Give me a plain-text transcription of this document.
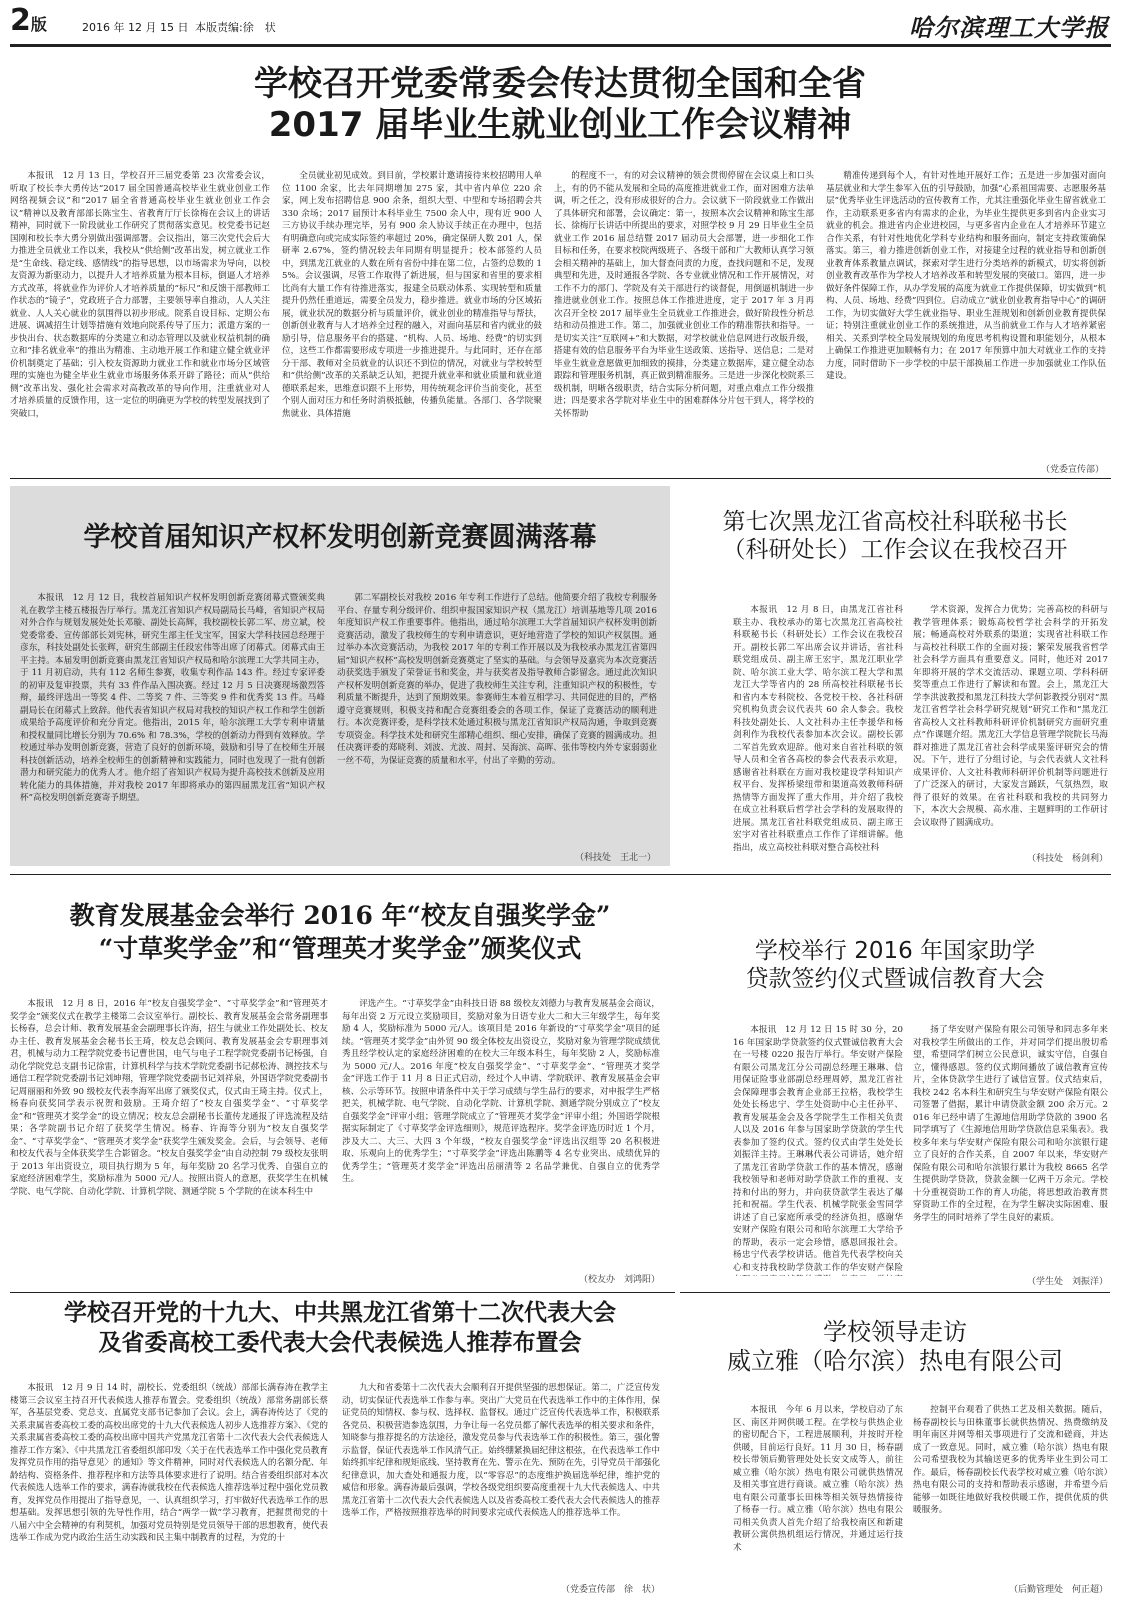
2版	2016 年 12 月 15 日 本版责编:徐　状	哈尔滨理工大学报
学校召开党委常委会传达贯彻全国和全省
2017 届毕业生就业创业工作会议精神

本报讯　12 月 13 日，学校召开三届党委第 23 次常委会议，听取了校长李大勇传达“2017 届全国普通高校毕业生就业创业工作网络视频会议”和“2017 届全省普通高校毕业生就业创业工作会议”精神以及教育部部长陈宝生、省教育厅厅长徐梅在会议上的讲话精神，同时就下一阶段就业工作研究了贯彻落实意见。校党委书记赵国刚和校长李大勇分别做出强调部署。会议指出，第三次党代会后大力推进全员就业工作以来，我校从“供给侧”改革出发，树立就业工作是“生命线、稳定线、感情线”的指导思想，以市场需求为导向，以校友资源为新驱动力，以提升人才培养质量为根本目标，倒逼人才培养方式改革，将就业作为评价人才培养质量的“标尺”和反馈干部教师工作状态的“镜子”，党政班子合力部署，主要领导率自推动，人人关注就业、人人关心就业的氛围得以初步形成。院系自设目标、定期公布进展、调减招生计划等措施有效地向院系传导了压力；派遣方案的一步快出台、状态数据库的分类建立和动态管理以及就业权益机制的确立和“排名就业率”的推出为精准、主动地开展工作和建立健全就业评价机制奠定了基础；引入校友资源助力就业工作和就业市场分区域管理的实施也为健全毕业生就业市场服务体系开辟了路径；而从“供给侧”改革出发、强化社会需求对高教改革的导向作用，注重就业对人才培养质量的反馈作用，这一定位的明确更为学校的转型发展找到了突破口，

全员就业初见成效。到目前，学校累计邀请接待来校招聘用人单位 1100 余家，比去年同期增加 275 家，其中省内单位 220 余家，网上发布招聘信息 900 余条，组织大型、中型和专场招聘会共 330 余场；2017 届预计本科毕业生 7500 余人中，现有近 900 人三方协议手续办理完毕，另有 900 余人协议手续正在办理中，包括有明确意向或完成实际签约率超过 20%，确定保研人数 201 人，保研率 2.67%，签约情况较去年同期有明显提升；校本部签约人员中，到黑龙江就业的人数在所有省份中排在第二位，占签约总数的 15%。会议强调，尽管工作取得了新进展，但与国家和省里的要求相比尚有大量工作有待推进落实，报建全员联动体系、实现转型和质量提升仍然任重道远，需要全员发力，稳步推进。就业市场的分区域拓展，就业状况的数据分析与质量评价，就业创业的精准指导与帮扶，创新创业教育与人才培养全过程的融入，对面向基层和省内就业的鼓励引导，信息服务平台的搭建、“机构、人员、场地、经费”的切实到位，这些工作都需要形成专项进一步推进提升。与此同时，还存在部分干部、教师对全员就业的认识还不到位的情况，对就业与学校转型和“供给侧”改革的关系缺乏认知，把提升就业率和就业质量和就业道德联系起来，思维意识跟不上形势，用传统观念评价当前变化，甚至个别人面对压力和任务时消极抵触，传播负能量。各部门、各学院聚焦就业、具体措施

的程度不一，有的对会议精神的领会贯彻停留在会议桌上和口头上，有的仍不能从发展和全局的高度推进就业工作，面对困难方法单调，听之任之，没有形成很好的合力。会议就下一阶段就业工作做出了具体研究和部署，会议确定：第一，按照本次会议精神和陈宝生部长、徐梅厅长讲话中所提出的要求，对照学校 9 月 29 日毕业生全员就业工作 2016 届总结暨 2017 届动员大会部署，进一步细化工作目标和任务，在要求校院两级班子、各级干部和广大教师认真学习领会相关精神的基础上，加大督查问责的力度，查找问题和不足，发现典型和先进，及时通报各学院、各专业就业情况和工作开展情况，对工作不力的部门、学院及有关干部进行约谈督促，用倒逼机制进一步推进就业创业工作。按照总体工作推进进度，定于 2017 年 3 月再次召开全校 2017 届毕业生全员就业工作推进会，做好阶段性分析总结和动员推进工作。第二，加强就业创业工作的精准帮扶和指导。一是切实关注“互联网+”和大数据，对学校就业信息网进行改版升级，搭建有效的信息服务平台为毕业生送政策、送指导、送信息；二是对毕业生就业意愿做更加细致的摸排，分类建立数据库，建立健全动态跟踪和管理服务机制，真正做到精准服务。三是进一步深化校院系三级机制，明晰各级职责，结合实际分析问题，对重点难点工作分级推进；四是要求各学院对毕业生中的困难群体分片包干到人，将学校的关怀帮助

精准传递到每个人，有针对性地开展好工作；五是进一步加强对面向基层就业和大学生参军入伍的引导鼓励，加强“心系祖国需要、志愿服务基层”优秀毕业生评选活动的宣传教育工作，尤其注重强化毕业生留省就业工作，主动联系更多省内有需求的企业，为毕业生提供更多到省内企业实习就业的机会。推进省内企业进校园，与更多省内企业在人才培养环节建立合作关系，有针对性地优化学科专业结构和服务面向，制定支持政策确保落实。第三，着力推进创新创业工作，对接建全过程的就业指导和创新创业教育体系教量点调试，探索对学生进行分类培养的新模式，切实将创新创业教育改革作为学校人才培养改革和转型发展的突破口。第四，进一步做好条件保障工作，从办学发展的高度为就业工作提供保障，切实做到“机构、人员、场地、经费”四到位。启动成立“就业创业教育指导中心”的调研工作，为切实做好大学生就业指导、职业生涯规划和创新创业教育提供保证；特别注重就业创业工作的系统推进，从当前就业工作与人才培养紧密相关、关系到学校全局发展规划的角度思考机构设置和职能划分，从根本上确保工作推进更加顺畅有力；在 2017 年预算中加大对就业工作的支持力度，同时借助下一步学校的中层干部换届工作进一步加强就业工作队伍建设。

（党委宣传部）
学校首届知识产权杯发明创新竞赛圆满落幕

本报讯　12 月 12 日，我校首届知识产权杯发明创新竞赛闭幕式暨颁奖典礼在教学主楼五楼报告厅举行。黑龙江省知识产权局副局长马峰，省知识产权局对外合作与规划发展处处长邓璇、副处长高辉，我校副校长郭二军、房立斌，校党委常委、宣传部部长刘宪林，研究生部主任戈宝军，国家大学科技园总经理于彦东，科技处副处长张辉，研究生部副主任段宏伟等出席了闭幕式。闭幕式由王平主持。本届发明创新竞赛由黑龙江省知识产权局和哈尔滨理工大学共同主办，于 11 月初启动，共有 112 名师生参赛，收集专利作品 143 件。经过专家评委的初审及复审投票，共有 33 件作品入围决赛。经过 12 月 5 日决赛现场激烈答辩，最终评选出一等奖 4 件、二等奖 7 件、三等奖 9 件和优秀奖 13 件。马峰副局长在闭幕式上致辞。他代表省知识产权局对我校的知识产权工作和学生创新成果给予高度评价和充分肯定。他指出，2015 年，哈尔滨理工大学专利申请量和授权量同比增长分别为 70.6% 和 78.3%，学校的创新动力得到有效释放。学校通过举办发明创新竞赛，营造了良好的创新环境，鼓励和引导了在校师生开展科技创新活动，培养全校师生的创新精神和实践能力，同时也发现了一批有创新潜力和研究能力的优秀人才。他介绍了省知识产权局为提升高校技术创新及应用转化能力的具体措施，并对我校 2017 年即将承办的第四届黑龙江省“知识产权杯”高校发明创新竞赛寄予期望。

郭二军副校长对我校 2016 年专利工作进行了总结。他简要介绍了我校专利服务平台、存量专利分级评价、组织申报国家知识产权（黑龙江）培训基地等几项 2016 年度知识产权工作重要事件。他指出，通过哈尔滨理工大学首届知识产权杯发明创新竞赛活动，激发了我校师生的专利申请意识，更好地营造了学校的知识产权氛围。通过举办本次竞赛活动，为我校 2017 年的专利工作开展以及为我校承办黑龙江省第四届“知识产权杯”高校发明创新竞赛奠定了坚实的基础。与会领导及嘉宾为本次竞赛活动获奖选手颁发了荣誉证书和奖金，并与获奖者及指导教师合影留念。通过此次知识产权杯发明创新竞赛的举办，促进了我校师生关注专利，注重知识产权的积极性，专利质量不断提升，达到了预期效果。参赛师生本着互相学习、共同促进的目的，严格遵守竞赛规则，积极支持和配合竞赛组委会的各项工作，保证了竞赛活动的顺利进行。本次竞赛评委，是科学技术处通过积极与黑龙江省知识产权局沟通，争取到竞赛专项资金。科学技术处和研究生部精心组织、细心安排，确保了竞赛的圆满成功。担任决赛评委的郑晓利、刘波、尤波、周封、吴海滨、高晖、张伟等校内外专家弱弱业一丝不苟，为保证竞赛的质量和水平，付出了辛勤的劳动。

（科技处　王北一）
第七次黑龙江省高校社科联秘书长
（科研处长）工作会议在我校召开

本报讯　12 月 8 日，由黑龙江省社科联主办、我校承办的第七次黑龙江省高校社科联秘书长（科研处长）工作会议在我校召开。副校长郭二军出席会议并讲话，省社科联党组成员、副主席王宏宇，黑龙江职业学院、哈尔滨工业大学、哈尔滨工程大学和黑龙江大学等省内的 28 所高校社科联秘书长和省内本专科院校、各党校干校、各社科研究机构负责会议代表共 60 余人参会。我校科技处副处长、人文社科办主任李援华和杨剑利作为我校代表参加本次会议。副校长郭二军首先致欢迎辞。他对来自省社科联的领导人员和全省各高校的参会代表表示欢迎，感谢省社科联在方面对我校建设学科知识产权平台、发挥桥梁纽带和渠道高效教师科研热情等方面发挥了重大作用，并介绍了我校在成立社科联后哲学社会学科的发展取得的进展。黑龙江省社科联党组成员、副主席王宏宇对省社科联重点工作作了详细讲解。他指出，成立高校社科联对整合高校社科

学术资源，发挥合力优势；完善高校的科研与教学管理体系；锻炼高校哲学社会科学的开拓发展；畅通高校对外联系的渠道；实现省社科联工作与高校社科联工作的全面对接；繁荣发展我省哲学社会科学方面具有重要意义。同时，他还对 2017 年即将开展的学术交流活动、课题立项、学科科研奖等重点工作进行了解读和布置。会上，黑龙江大学李洪波教授和黑龙江科技大学何影教授分别对“黑龙江省哲学社会科学研究规划”研究工作和“黑龙江省高校人文社科教师科研评价机制研究方面研究重点”作课题介绍。黑龙江大学信息管理学院院长马海群对推进了黑龙江省社会科学成果鉴评研究会的情况。下午，进行了分组讨论，与会代表就人文社科成果评价、人文社科教师科研评价机制等问题进行了广泛深入的研讨，大家发言踊跃，气氛热烈，取得了很好的效果。在省社科联和我校的共同努力下，本次大会规模、高水准、主题鲜明的工作研讨会议取得了圆满成功。

（科技处　杨剑利）
教育发展基金会举行 2016 年“校友自强奖学金”
“寸草奖学金”和“管理英才奖学金”颁奖仪式

本报讯　12 月 8 日，2016 年“校友自强奖学金”、“寸草奖学金”和“管理英才奖学金”颁奖仪式在教学主楼第二会议室举行。副校长、教育发展基金会常务副理事长杨春，总会计师、教育发展基金会副理事长许海，招生与就业工作处副处长、校友办主任、教育发展基金会秘书长王琦，校友总会顾问、教育发展基金会专职理事刘君，机械与动力工程学院党委书记曹世国，电气与电子工程学院党委副书记杨强，自动化学院党总支副书记徐雷，计算机科学与技术学院党委副书记郝松涛、测控技术与通信工程学院党委副书记刘坤翔，管理学院党委副书记刘祥泉，外国语学院党委副书记周丽丽和外致 90 级校友代表李海军出席了颁奖仪式，仪式由王琦主持。仪式上，杨春向获奖同学表示祝贺和鼓励。王琦介绍了“校友自强奖学金”、“寸草奖学金”和“管理英才奖学金”的设立情况；校友总会副秘书长董传龙通报了评选流程及结果；各学院副书记介绍了获奖学生情况。杨春、许海等分别为“校友自强奖学金”、“寸草奖学金”、“管理英才奖学金”获奖学生颁发奖金。会后，与会领导、老师和校友代表与全体获奖学生合影留念。“校友自强奖学金”由自动控制 79 级校友张明于 2013 年出资设立，项目执行期为 5 年，每年奖励 20 名学习优秀、自强自立的家庭经济困难学生，奖励标准为 5000 元/人。按照出资人的意愿，获奖学生在机械学院、电气学院、自动化学院、计算机学院、测通学院 5 个学院的在读本科生中

评选产生。“寸草奖学金”由科技日语 88 级校友刘德力与教育发展基金会商议，每年出资 2 万元设立奖励项目，奖励对象为日语专业大二和大三年级学生，每年奖励 4 人，奖励标准为 5000 元/人。该项目是 2016 年新设的“寸草奖学金”项目的延续。“管理英才奖学金”由外贸 90 级全体校友出资设立，奖励对象为管理学院成绩优秀且经学校认定的家庭经济困难的在校大三年级本科生，每年奖励 2 人，奖励标准为 5000 元/人。2016 年度“校友自强奖学金”、“寸草奖学金”、“管理英才奖学金”评选工作于 11 月 8 日正式启动，经过个人申请、学院联评、教育发展基金会审核、公示等环节。按照申请条件中关于学习成绩与学生品行的要求，对申报学生严格把关，机械学院、电气学院、自动化学院、计算机学院、测通学院分别成立了“校友自强奖学金”评审小组；管理学院成立了“管理英才奖学金”评审小组；外国语学院根据实际制定了《寸草奖学金评选细则》，规范评选程序。奖学金评选历时近 1 个月，涉及大二、大三、大四 3 个年级，“校友自强奖学金”评选出汉组等 20 名积极进取、乐观向上的优秀学生；“寸草奖学金”评选出陈鹏等 4 名专业突出、成绩优异的优秀学生；“管理英才奖学金”评选出岳丽清等 2 名品学兼优、自强自立的优秀学生。

（校友办　刘鸿阳）
学校举行 2016 年国家助学
贷款签约仪式暨诚信教育大会

本报讯　12 月 12 日 15 时 30 分，2016 年国家助学贷款签约仪式暨诚信教育大会在一号楼 0220 报告厅举行。华安财产保险有限公司黑龙江分公司副总经理王琳琳、信用保证险事业部副总经理周婷，黑龙江省社会保障理事会教育企业部王拉格，我校学生处处长杨忠宁、学生处资助中心主任孙平、教育发展基金会及各学院学生工作相关负责人以及 2016 年参与国家助学贷款的学生代表参加了签约仪式。签约仪式由学生处处长刘振洋主持。王琳琳代表公司讲话，她介绍了黑龙江省助学贷款工作的基本情况，感谢我校领导和老师对助学贷款工作的重视、支持和付出的努力，并向获贷款学生表达了爆托和祝福。学生代表、机械学院张金雪同学讲述了自己家庭所承受的经济负担，感谢华安财产保险有限公司和哈尔滨理工大学给予的帮助，表示一定会珍惜，感恩回报社会。杨忠宁代表学校讲话。他首先代表学校向关心和支持我校助学贷款工作的华安财产保险

扬了华安财产保险有限公司领导和同志多年来对我校学生所做出的工作，并对同学们提出殷切希望，希望同学们树立公民意识，诚实守信，自强自立，懂得感恩。签约仪式期间播放了诚信教育宣传片，全体贷款学生进行了诚信宣誓。仪式结束后，我校 242 名本科生和研究生与华安财产保险有限公司签署了借据，累计申请贷款金额 200 余万元。2016 年已经申请了生源地信用助学贷款的 3900 名同学填写了《生源地信用助学贷款信息采集表》。我校多年来与华安财产保险有限公司和哈尔滨银行建立了良好的合作关系，自 2007 年以来，华安财产保险有限公司和哈尔滨银行累计为我校 8665 名学生提供助学贷款，贷款金额一亿两千万余元。学校十分重视资助工作的育人功能，将思想政治教育贯穿资助工作的全过程，在为学生解决实际困难、服务学生的同时培养了学生良好的素质。

（学生处　刘振洋）
学校召开党的十九大、中共黑龙江省第十二次代表大会
及省委高校工委代表大会代表候选人推荐布置会

本报讯　12 月 9 日 14 时，副校长、党委组织（统战）部部长满春涛在教学主楼第三会议室主持召开代表候选人推荐布置会。党委组织（统战）部常务副部长蔡军，各基层党委、党总支、直属党支部书记参加了会议。会上，满春涛传达了《党的关系隶属省委高校工委的高校出席党的十九大代表候选人初步人选推荐方案》、《党的关系隶属省委高校工委的高校出席中国共产党黑龙江省第十二次代表大会代表候选人推荐工作方案》、《中共黑龙江省委组织部印发〈关于在代表选举工作中强化党员教育发挥党员作用的指导意见〉的通知》等文件精神，同时对代表候选人的名额分配、年龄结构、资格条件、推荐程序和方法等具体要求进行了说明。结合省委组织部对本次代表候选人选举工作的要求，满春涛就我校在代表候选人推荐选举过程中强化党员教育，发挥党员作用提出了指导意见，一、认真组织学习，打牢做好代表选举工作的思想基础。发挥思想引领的先导性作用，结合“两学一做”学习教育，把握贯彻党的十八届六中全会精神的有利契机，加强对党员特别是党员领导干部的思想教育，使代表选举工作成为党内政治生活生动实践和民主集中制教育的过程，为党的十

九大和省委第十二次代表大会顺利召开提供坚强的思想保证。第二，广泛宣传发动，切实保证代表选举工作参与率。突出广大党员在代表选举工作中的主体作用，保证党员的知情权、参与权、选择权、监督权。通过广泛宣传代表选举工作，积极联系各党员、积极营造参选氛围，力争让每一名党员都了解代表选举的相关要求和条件，知晓参与推荐提名的方法途径，激发党员参与代表选举工作的积极性。第三，强化警示监督，保证代表选举工作风清气正。始终绷紧换届纪律这根弦，在代表选举工作中始终抓牢纪律和规矩底线、坚持教育在先、警示在先、预防在先，引导党员干部强化纪律意识，加大查处和通报力度，以“零容忍”的态度维护换届选举纪律，维护党的威信和形象。满春涛最后强调，学校各级党组织要高度重视十九大代表候选人、中共黑龙江省第十二次代表大会代表候选人以及省委高校工委代表大会代表候选人的推荐选举工作，严格按照推荐选举的时间要求完成代表候选人的推荐选举工作。

（党委宣传部　徐　状）
学校领导走访
威立雅（哈尔滨）热电有限公司

本报讯　今年 6 月以来，学校启动了东区、南区并网供暖工程。在学校与供热企业的密切配合下，工程进展顺利，并按时开栓供暖，目前运行良好。11 月 30 日，杨春副校长带领后勤管理处处长安文成等人，前往威立雅（哈尔滨）热电有限公司就供热情况及相关事宜进行商谈。威立雅（哈尔滨）热电有限公司董事长田株等相关领导热情接待了杨春一行。威立雅（哈尔滨）热电有限公司相关负责人首先介绍了给我校南区和新建教研公寓供热机组运行情况，并通过运行技术

控制平台观看了供热工艺及相关数据。随后，杨春副校长与田株董事长就供热情况、热费缴纳及明年南区并网等相关事项进行了交流和磋商，并达成了一致意见。同时，威立雅（哈尔滨）热电有限公司希望我校为其输送更多的优秀毕业生到公司工作。最后，杨春副校长代表学校对威立雅（哈尔滨）热电有限公司的支持和帮助表示感谢，并希望今后能够一如既往地做好我校供暖工作，提供优质的供暖服务。

（后勤管理处　何正超）
